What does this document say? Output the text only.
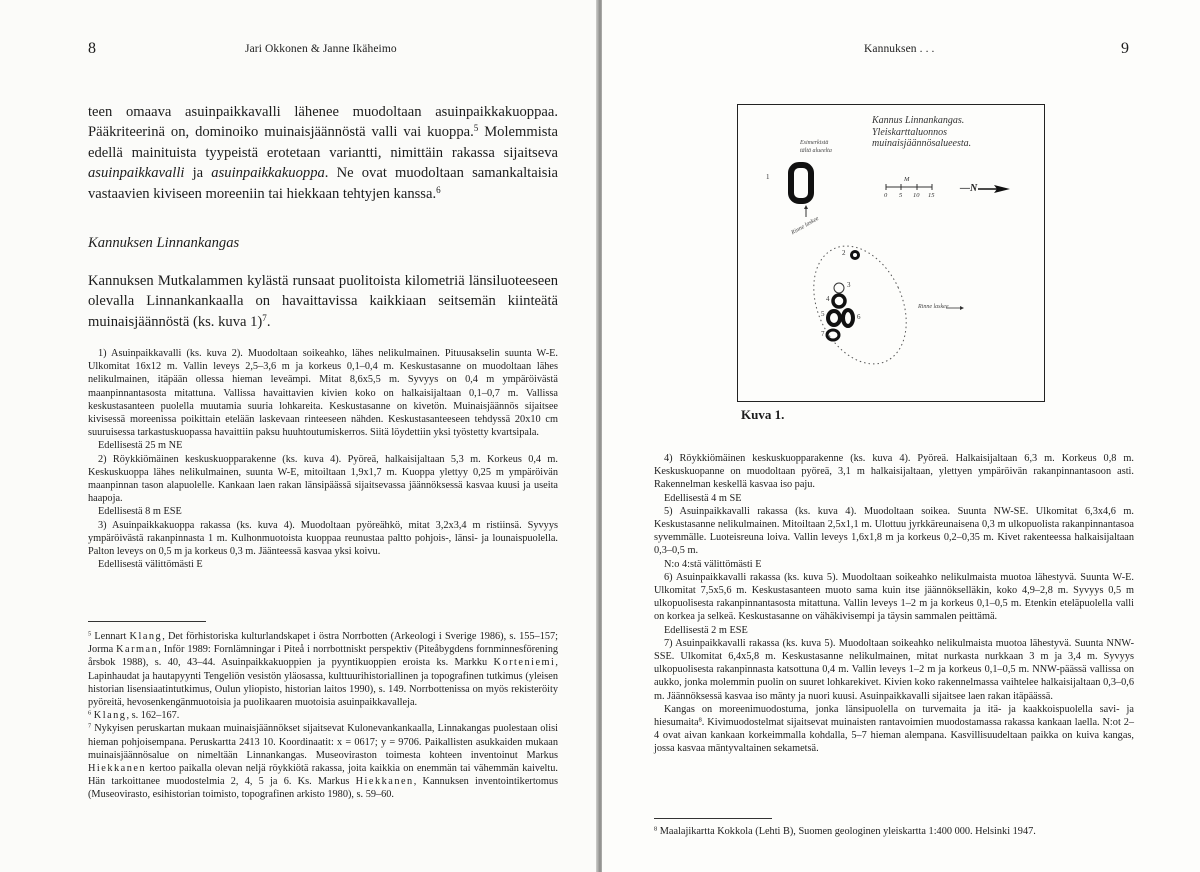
8	Jari Okkonen & Janne Ikäheimo

teen omaava asuinpaikkavalli lähenee muodoltaan asuinpaikkakuoppaa. Pääkriteerinä on, dominoiko muinaisjäännöstä valli vai kuoppa.$^5$ Molemmista edellä mainituista tyypeistä erotetaan variantti, nimittäin rakassa sijaitseva asuinpaikkavalli ja asuinpaikkakuoppa. Ne ovat muodoltaan samankaltaisia vastaavien kiviseen moreeniin tai hiekkaan tehtyjen kanssa.$^6$

Kannuksen Linnankangas

Kannuksen Mutkalammen kylästä runsaat puolitoista kilometriä länsiluoteeseen olevalla Linnankankaalla on havaittavissa kaikkiaan seitsemän kiinteätä muinaisjäännöstä (ks. kuva 1)$^7$.

1) Asuinpaikkavalli (ks. kuva 2). Muodoltaan soikeahko, lähes nelikulmainen. Pituusakselin suunta W-E. Ulkomitat 16x12 m. Vallin leveys 2,5–3,6 m ja korkeus 0,1–0,4 m. Keskustasanne on muodoltaan lähes nelikulmainen, itäpään ollessa hieman leveämpi. Mitat 8,6x5,5 m. Syvyys on 0,4 m ympäröivästä maanpinnantasosta mitattuna. Vallissa havaittavien kivien koko on halkaisijaltaan 0,1–0,7 m. Vallissa keskustasanteen puolella muutamia suuria lohkareita. Keskustasanne on kivetön. Muinaisjäännös sijaitsee kivisessä moreenissa poikittain etelään laskevaan rinteeseen nähden. Keskustasanteeseen tehdyssä 20x10 cm suuruisessa tarkastuskuopassa havaittiin paksu huuhtoutumiskerros. Siitä löydettiin yksi työstetty kvartsipala.

Edellisestä 25 m NE

2) Röykkiömäinen keskuskuopparakenne (ks. kuva 4). Pyöreä, halkaisijaltaan 5,3 m. Korkeus 0,4 m. Keskuskuoppa lähes nelikulmainen, suunta W-E, mitoiltaan 1,9x1,7 m. Kuoppa ylettyy 0,25 m ympäröivän maanpinnan tason alapuolelle. Kankaan laen rakan länsipäässä sijaitsevassa jäännöksessä kasvaa kuusi ja useita haapoja.

Edellisestä 8 m ESE

3) Asuinpaikkakuoppa rakassa (ks. kuva 4). Muodoltaan pyöreähkö, mitat 3,2x3,4 m ristiinsä. Syvyys ympäröivästä rakanpinnasta 1 m. Kulhonmuotoista kuoppaa reunustaa paltto pohjois-, länsi- ja lounaispuolella. Palton leveys on 0,5 m ja korkeus 0,3 m. Jäänteessä kasvaa yksi koivu.

Edellisestä välittömästi E

$^5$ Lennart Klang, Det förhistoriska kulturlandskapet i östra Norrbotten (Arkeologi i Sverige 1986), s. 155–157; Jorma Karman, Inför 1989: Fornlämningar i Piteå i norrbottniskt perspektiv (Piteåbygdens fornminnesförening årsbok 1988), s. 40, 43–44. Asuinpaikkakuoppien ja pyyntikuoppien eroista ks. Markku Korteniemi, Lapinhaudat ja hautapyynti Tengeliön vesistön yläosassa, kulttuurihistoriallinen ja topografinen tutkimus (yleisen historian lisensiaatintutkimus, Oulun yliopisto, historian laitos 1990), s. 149. Norrbottenissa on myös rekisteröity pyöreitä, hevosenkengänmuotoisia ja puolikaaren muotoisia asuinpaikkavalleja.

$^6$ Klang, s. 162–167.

$^7$ Nykyisen peruskartan mukaan muinaisjäännökset sijaitsevat Kulonevankankaalla, Linnakangas puolestaan olisi hieman pohjoisempana. Peruskartta 2413 10. Koordinaatit: x = 0617; y = 9706. Paikallisten asukkaiden mukaan muinaisjäännösalue on nimeltään Linnankangas. Museoviraston toimesta kohteen inventoinut Markus Hiekkanen kertoo paikalla olevan neljä röykkiötä rakassa, joita kaikkia on enemmän tai vähemmän kaiveltu. Hän tarkoittanee muodostelmia 2, 4, 5 ja 6. Ks. Markus Hiekkanen, Kannuksen inventointikertomus (Museovirasto, esihistorian toimisto, topografinen arkisto 1980), s. 59–60.

Kannuksen . . .	9
Kannus Linnankangas. Yleiskarttaluonnos muinaisjäännösalueesta.
Esimerkistä
tältä alueelta
Rinne laskee
Rinne laskee
1
2
3
4
5	6
7
M
0 5 10 15
—N
Kuva 1.

4) Röykkiömäinen keskuskuopparakenne (ks. kuva 4). Pyöreä. Halkaisijaltaan 6,3 m. Korkeus 0,8 m. Keskuskuopanne on muodoltaan pyöreä, 3,1 m halkaisijaltaan, ylettyen ympäröivän rakanpinnantasoon asti. Rakennelman keskellä kasvaa iso paju.

Edellisestä 4 m SE

5) Asuinpaikkavalli rakassa (ks. kuva 4). Muodoltaan soikea. Suunta NW-SE. Ulkomitat 6,3x4,6 m. Keskustasanne nelikulmainen. Mitoiltaan 2,5x1,1 m. Ulottuu jyrkkäreunaisena 0,3 m ulkopuolista rakanpinnantasoa syvemmälle. Luoteisreuna loiva. Vallin leveys 1,6x1,8 m ja korkeus 0,2–0,35 m. Kivet rakenteessa halkaisijaltaan 0,3–0,5 m.

N:o 4:stä välittömästi E

6) Asuinpaikkavalli rakassa (ks. kuva 5). Muodoltaan soikeahko nelikulmaista muotoa lähestyvä. Suunta W-E. Ulkomitat 7,5x5,6 m. Keskustasanteen muoto sama kuin itse jäännökselläkin, koko 4,9–2,8 m. Syvyys 0,5 m ulkopuolisesta rakanpinnantasosta mitattuna. Vallin leveys 1–2 m ja korkeus 0,1–0,5 m. Etenkin eteläpuolella valli on korkea ja selkeä. Keskustasanne on vähäkivisempi ja täysin sammalen peittämä.

Edellisestä 2 m ESE

7) Asuinpaikkavalli rakassa (ks. kuva 5). Muodoltaan soikeahko nelikulmaista muotoa lähestyvä. Suunta NNW-SSE. Ulkomitat 6,4x5,8 m. Keskustasanne nelikulmainen, mitat nurkasta nurkkaan 3 m ja 3,4 m. Syvyys ulkopuolisesta rakanpinnasta katsottuna 0,4 m. Vallin leveys 1–2 m ja korkeus 0,1–0,5 m. NNW-päässä vallissa on aukko, jonka molemmin puolin on suuret lohkarekivet. Kivien koko rakennelmassa vaihtelee halkaisijaltaan 0,3–0,6 m. Jäännöksessä kasvaa iso mänty ja nuori kuusi. Asuinpaikkavalli sijaitsee laen rakan itäpäässä.

Kangas on moreenimuodostuma, jonka länsipuolella on turvemaita ja itä- ja kaakkoispuolella savi- ja hiesumaita$^8$. Kivimuodostelmat sijaitsevat muinaisten rantavoimien muodostamassa rakassa kankaan laella. N:ot 2–4 ovat aivan kankaan korkeimmalla kohdalla, 5–7 hieman alempana. Kasvillisuudeltaan paikka on kuiva kangas, jossa kasvaa mäntyvaltainen sekametsä.

$^8$ Maalajikartta Kokkola (Lehti B), Suomen geologinen yleiskartta 1:400 000. Helsinki 1947.
